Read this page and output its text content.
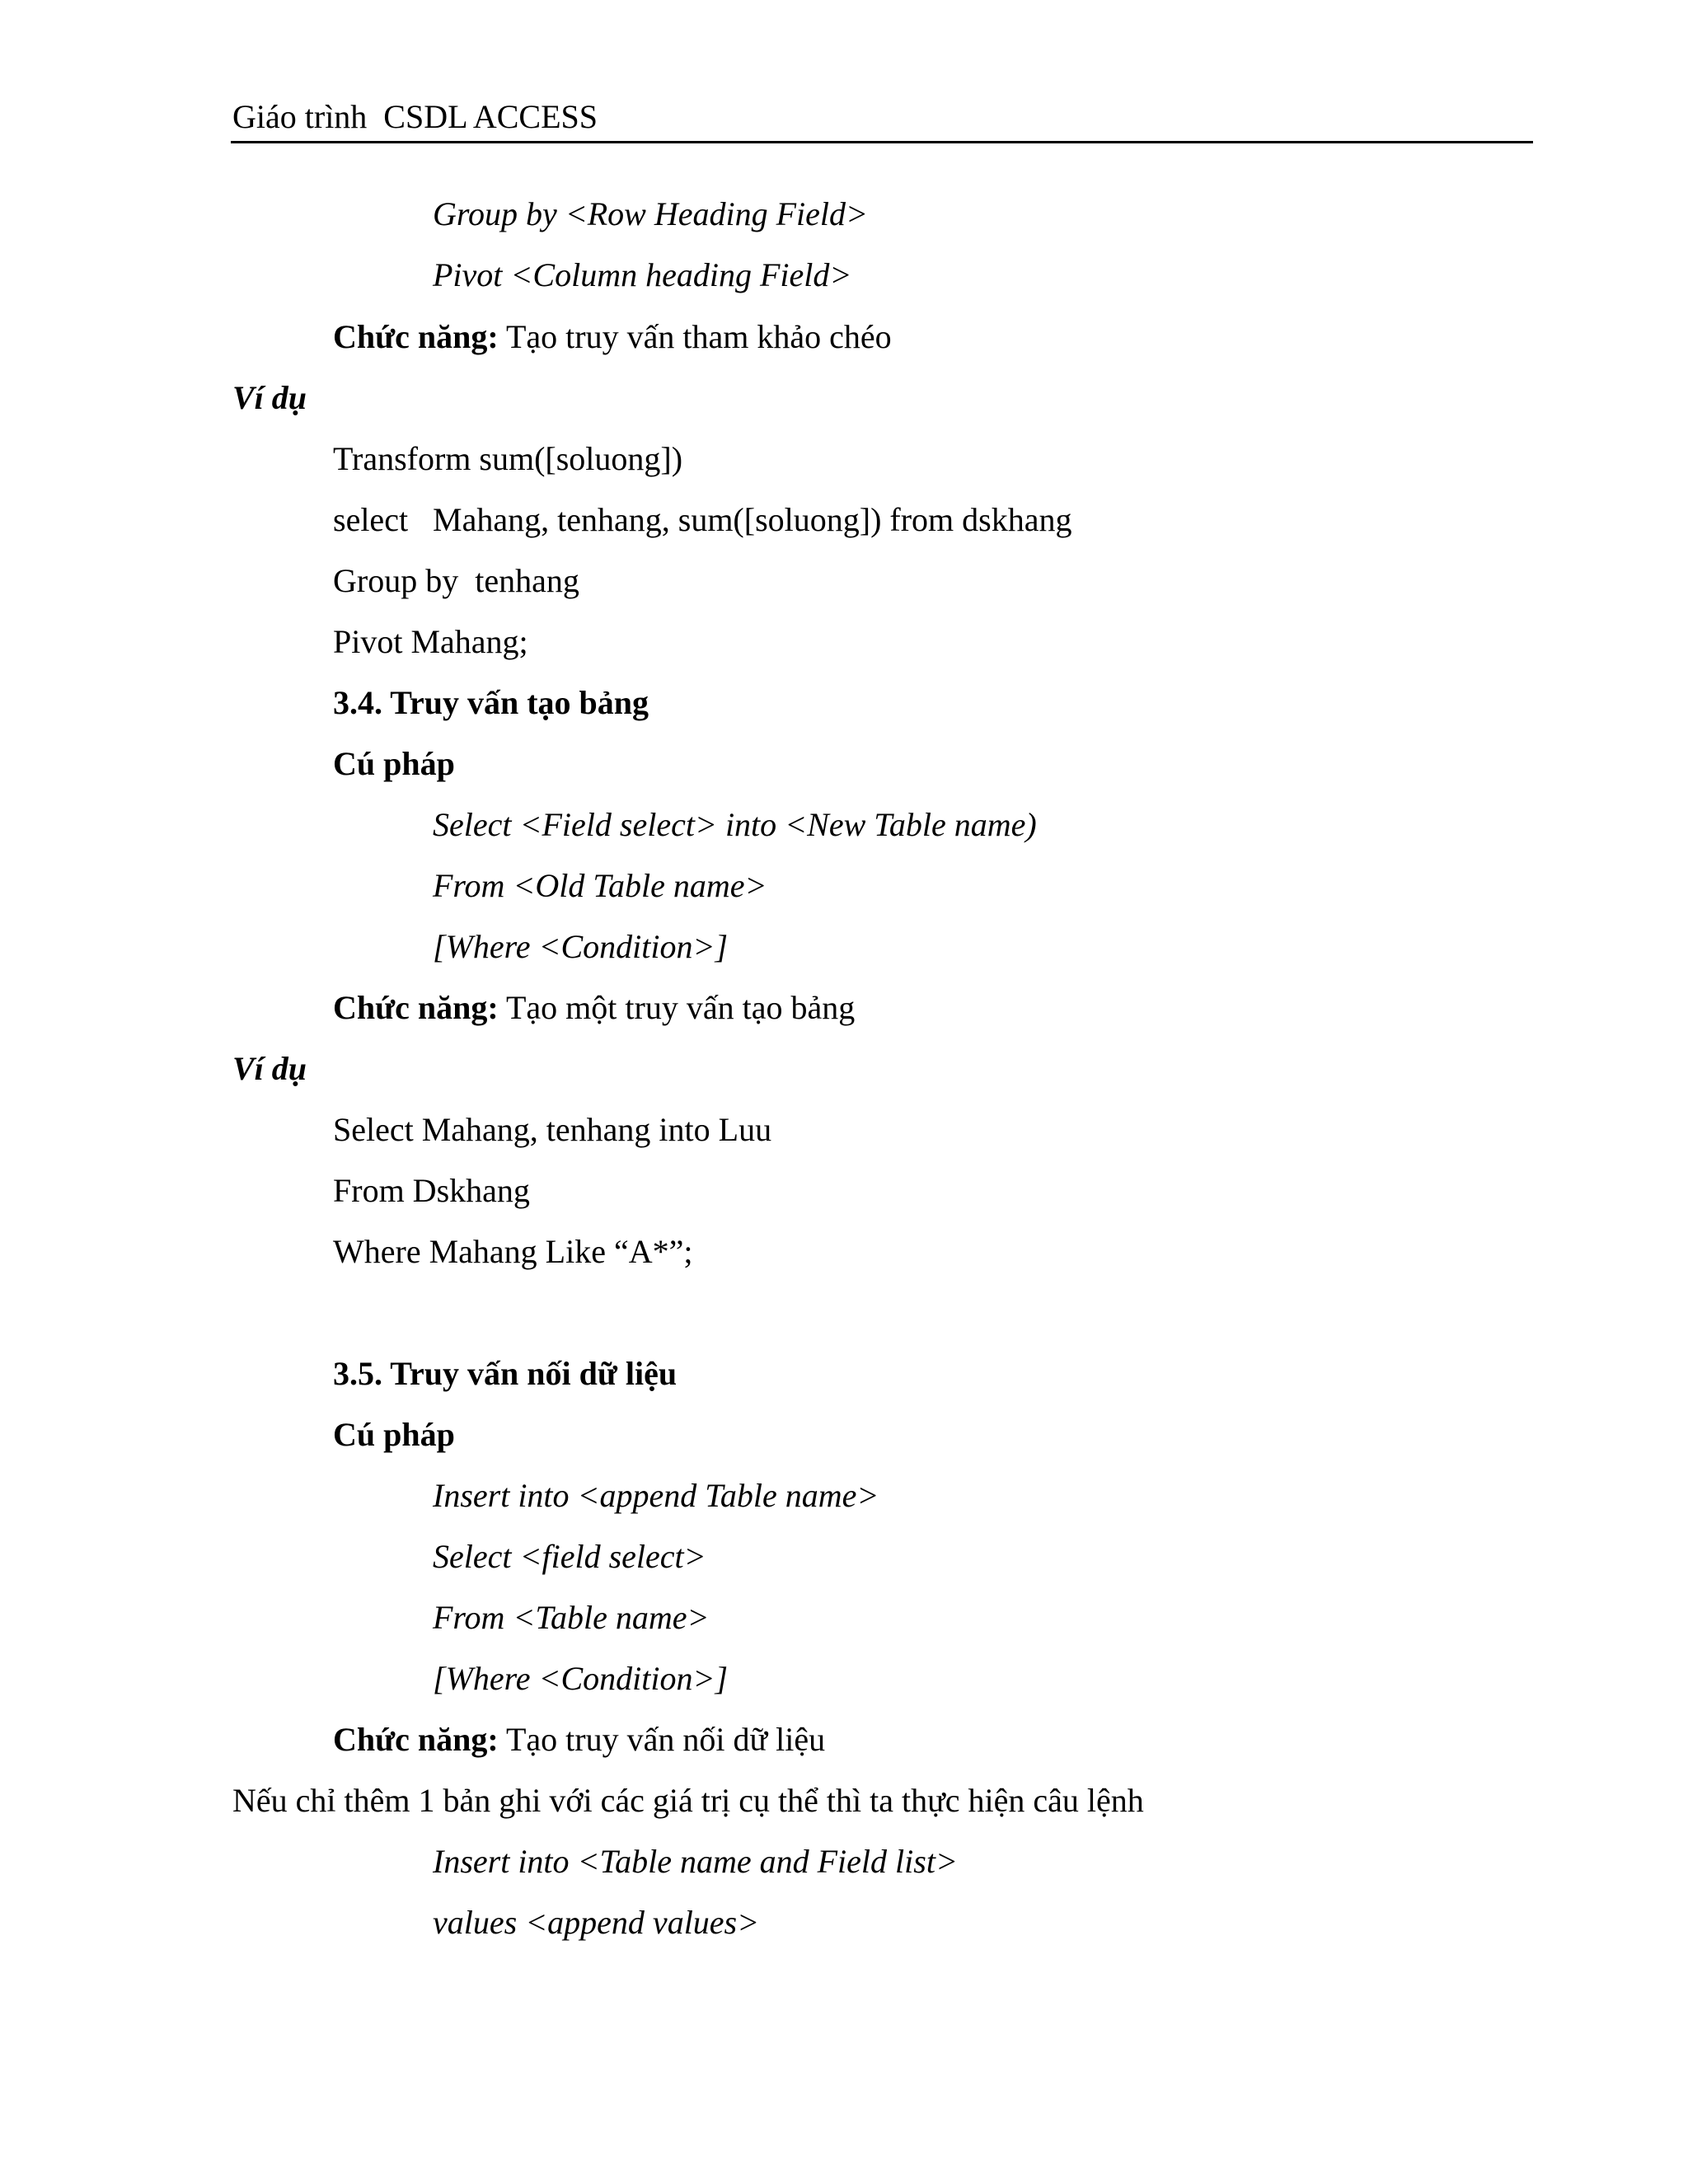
Giáo trình  CSDL ACCESS
Group by <Row Heading Field>
Pivot <Column heading Field>
Chức năng: Tạo truy vấn tham khảo chéo
Ví dụ
Transform sum([soluong])
select   Mahang, tenhang, sum([soluong]) from dskhang
Group by  tenhang
Pivot Mahang;
3.4. Truy vấn tạo bảng
Cú pháp
Select <Field select> into <New Table name)
From <Old Table name>
[Where <Condition>]
Chức năng: Tạo một truy vấn tạo bảng
Ví dụ
Select Mahang, tenhang into Luu
From Dskhang
Where Mahang Like “A*”;
3.5. Truy vấn nối dữ liệu
Cú pháp
Insert into <append Table name>
Select <field select>
From <Table name>
[Where <Condition>]
Chức năng: Tạo truy vấn nối dữ liệu
Nếu chỉ thêm 1 bản ghi với các giá trị cụ thể thì ta thực hiện câu lệnh
Insert into <Table name and Field list>
values <append values>
